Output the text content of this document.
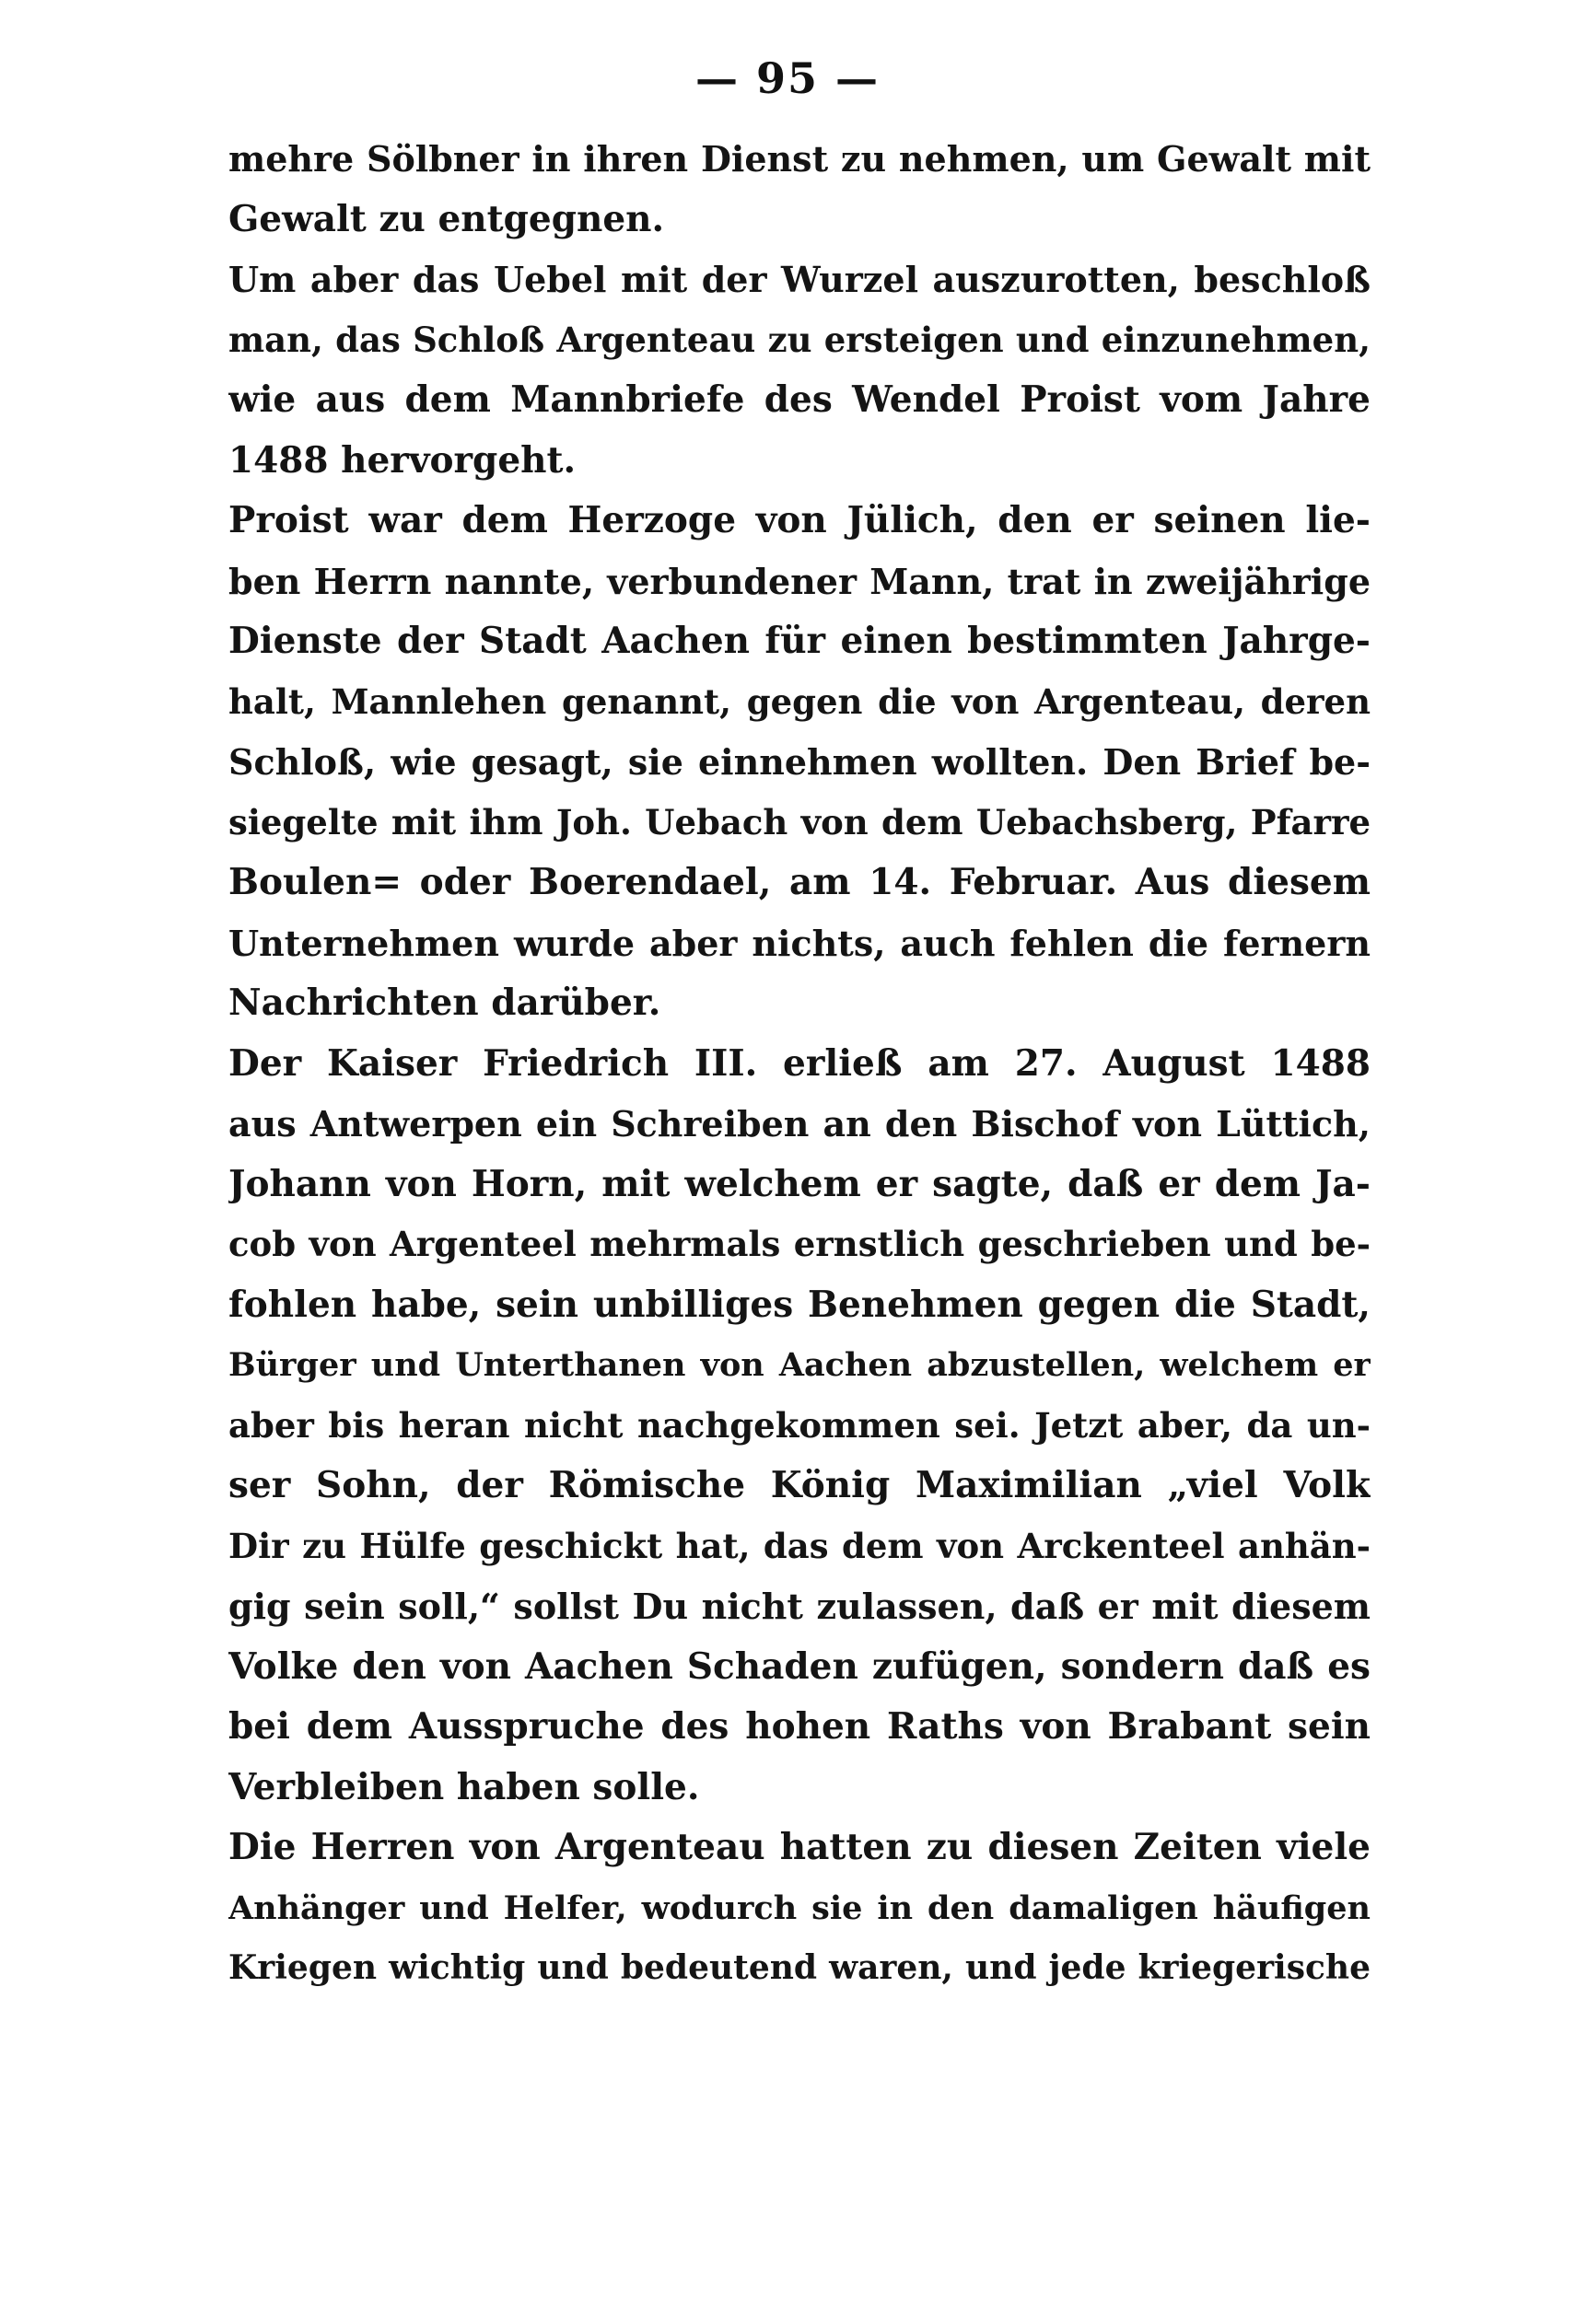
— 95 —
mehre Sölbner in ihren Dienst zu nehmen, um Gewalt mit
Gewalt zu entgegnen.
Um aber das Uebel mit der Wurzel auszurotten, beschloß
man, das Schloß Argenteau zu ersteigen und einzunehmen,
wie aus dem Mannbriefe des Wendel Proist vom Jahre
1488 hervorgeht.
Proist war dem Herzoge von Jülich, den er seinen lie-
ben Herrn nannte, verbundener Mann, trat in zweijährige
Dienste der Stadt Aachen für einen bestimmten Jahrge-
halt, Mannlehen genannt, gegen die von Argenteau, deren
Schloß, wie gesagt, sie einnehmen wollten. Den Brief be-
siegelte mit ihm Joh. Uebach von dem Uebachsberg, Pfarre
Boulen= oder Boerendael, am 14. Februar. Aus diesem
Unternehmen wurde aber nichts, auch fehlen die fernern
Nachrichten darüber.
Der Kaiser Friedrich III. erließ am 27. August 1488
aus Antwerpen ein Schreiben an den Bischof von Lüttich,
Johann von Horn, mit welchem er sagte, daß er dem Ja-
cob von Argenteel mehrmals ernstlich geschrieben und be-
fohlen habe, sein unbilliges Benehmen gegen die Stadt,
Bürger und Unterthanen von Aachen abzustellen, welchem er
aber bis heran nicht nachgekommen sei. Jetzt aber, da un-
ser Sohn, der Römische König Maximilian „viel Volk
Dir zu Hülfe geschickt hat, das dem von Arckenteel anhän-
gig sein soll,“ sollst Du nicht zulassen, daß er mit diesem
Volke den von Aachen Schaden zufügen, sondern daß es
bei dem Ausspruche des hohen Raths von Brabant sein
Verbleiben haben solle.
Die Herren von Argenteau hatten zu diesen Zeiten viele
Anhänger und Helfer, wodurch sie in den damaligen häufigen
Kriegen wichtig und bedeutend waren, und jede kriegerische
